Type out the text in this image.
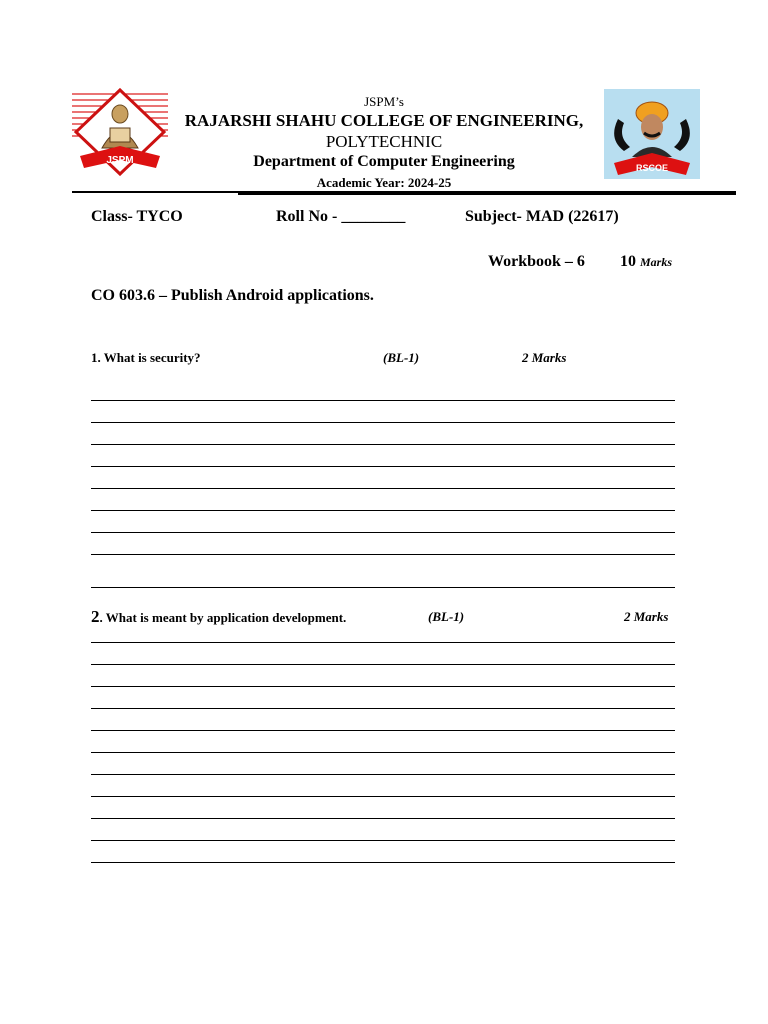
JSPM
RSCOE
JSPM’s
RAJARSHI SHAHU COLLEGE OF ENGINEERING,
POLYTECHNIC
Department of Computer Engineering
Academic Year: 2024-25
Class- TYCO	Roll No - ________	Subject- MAD (22617)
Workbook – 6 10 Marks
CO 603.6 – Publish Android applications.
1. What is security?	(BL-1)	2 Marks
2. What is meant by application development.	(BL-1)	2 Marks
